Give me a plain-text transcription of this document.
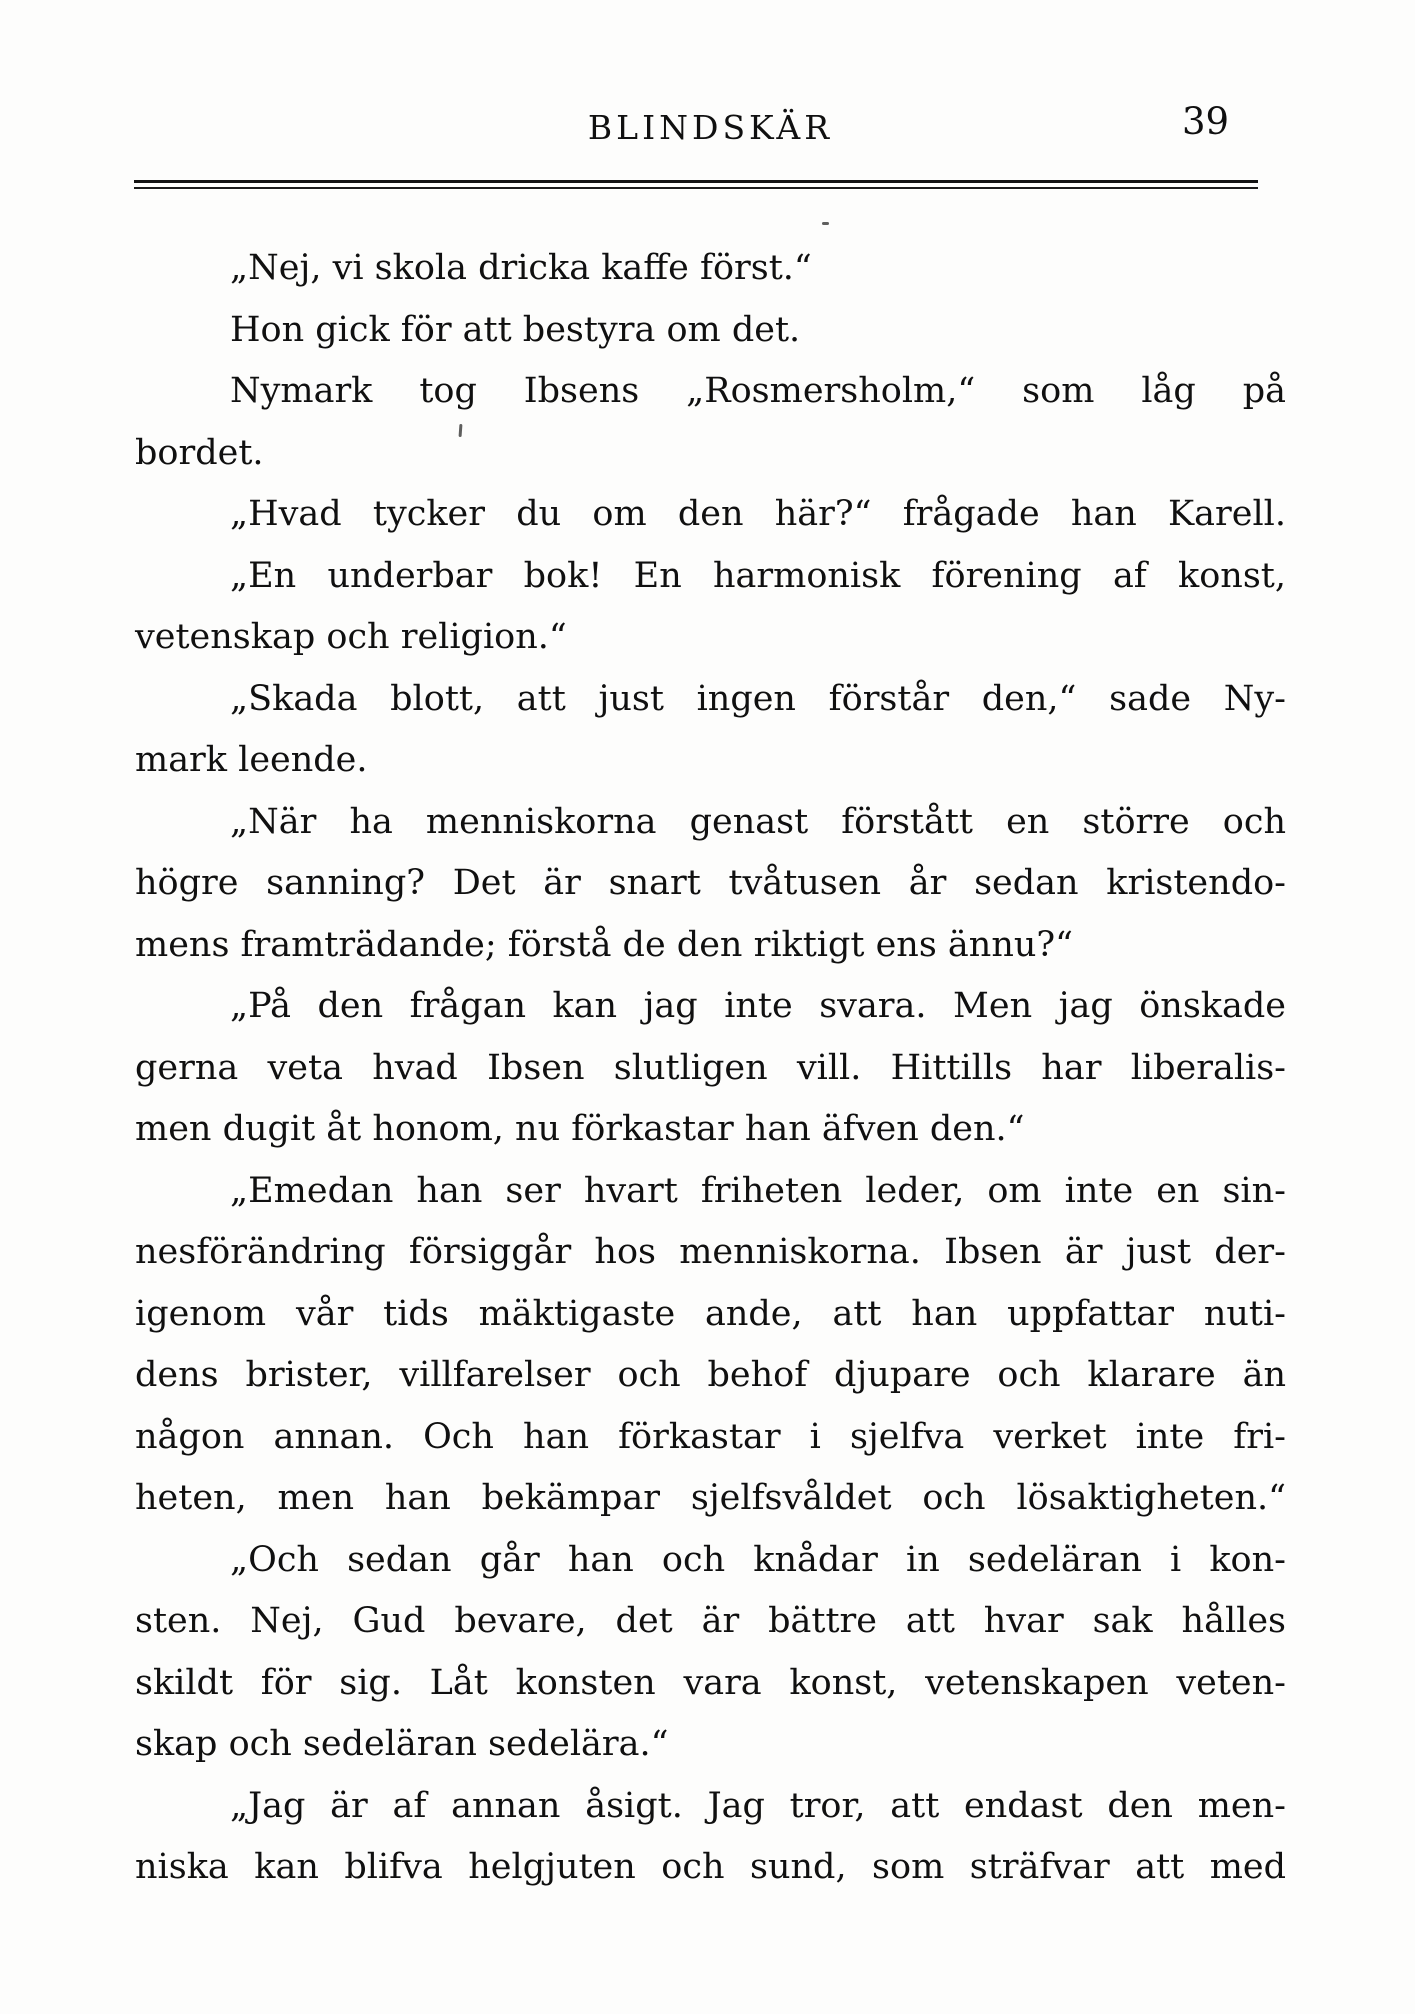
BLINDSKÄR	39
„Nej, vi skola dricka kaffe först.“
Hon gick för att bestyra om det.
Nymark tog Ibsens „Rosmersholm,“ som låg på
bordet.
„Hvad tycker du om den här?“ frågade han Karell.
„En underbar bok! En harmonisk förening af konst,
vetenskap och religion.“
„Skada blott, att just ingen förstår den,“ sade Ny-
mark leende.
„När ha menniskorna genast förstått en större och
högre sanning? Det är snart tvåtusen år sedan kristendo-
mens framträdande; förstå de den riktigt ens ännu?“
„På den frågan kan jag inte svara. Men jag önskade
gerna veta hvad Ibsen slutligen vill. Hittills har liberalis-
men dugit åt honom, nu förkastar han äfven den.“
„Emedan han ser hvart friheten leder, om inte en sin-
nesförändring försiggår hos menniskorna. Ibsen är just der-
igenom vår tids mäktigaste ande, att han uppfattar nuti-
dens brister, villfarelser och behof djupare och klarare än
någon annan. Och han förkastar i sjelfva verket inte fri-
heten, men han bekämpar sjelfsvåldet och lösaktigheten.“
„Och sedan går han och knådar in sedeläran i kon-
sten. Nej, Gud bevare, det är bättre att hvar sak hålles
skildt för sig. Låt konsten vara konst, vetenskapen veten-
skap och sedeläran sedelära.“
„Jag är af annan åsigt. Jag tror, att endast den men-
niska kan blifva helgjuten och sund, som sträfvar att med
